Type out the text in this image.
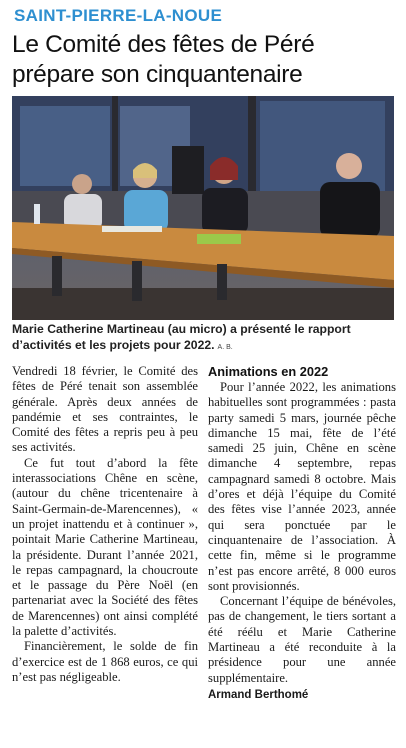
SAINT-PIERRE-LA-NOUE
Le Comité des fêtes de Péré prépare son cinquantenaire
Marie Catherine Martineau (au micro) a présenté le rapport d’activités et les projets pour 2022. A. B.

Vendredi 18 février, le Comité des fêtes de Péré tenait son assemblée générale. Après deux années de pandémie et ses contraintes, le Comité des fêtes a repris peu à peu ses activités.

Ce fut tout d’abord la fête interassociations Chêne en scène, (autour du chêne tricentenaire à Saint-Germain-de-Marencennes), « un projet inattendu et à continuer », pointait Marie Catherine Martineau, la présidente. Durant l’année 2021, le repas campagnard, la choucroute et le passage du Père Noël (en partenariat avec la Société des fêtes de Marencennes) ont ainsi complété la palette d’activités.

Financièrement, le solde de fin d’exercice est de 1 868 euros, ce qui n’est pas négligeable.

Animations en 2022

Pour l’année 2022, les animations habituelles sont programmées : pasta party samedi 5 mars, journée pêche dimanche 15 mai, fête de l’été samedi 25 juin, Chêne en scène dimanche 4 septembre, repas campagnard samedi 8 octobre. Mais d’ores et déjà l’équipe du Comité des fêtes vise l’année 2023, année qui sera ponctuée par le cinquantenaire de l’association. À cette fin, même si le programme n’est pas encore arrêté, 8 000 euros sont provisionnés.

Concernant l’équipe de bénévoles, pas de changement, le tiers sortant a été réélu et Marie Catherine Martineau a été reconduite à la présidence pour une année supplémentaire.

Armand Berthomé
